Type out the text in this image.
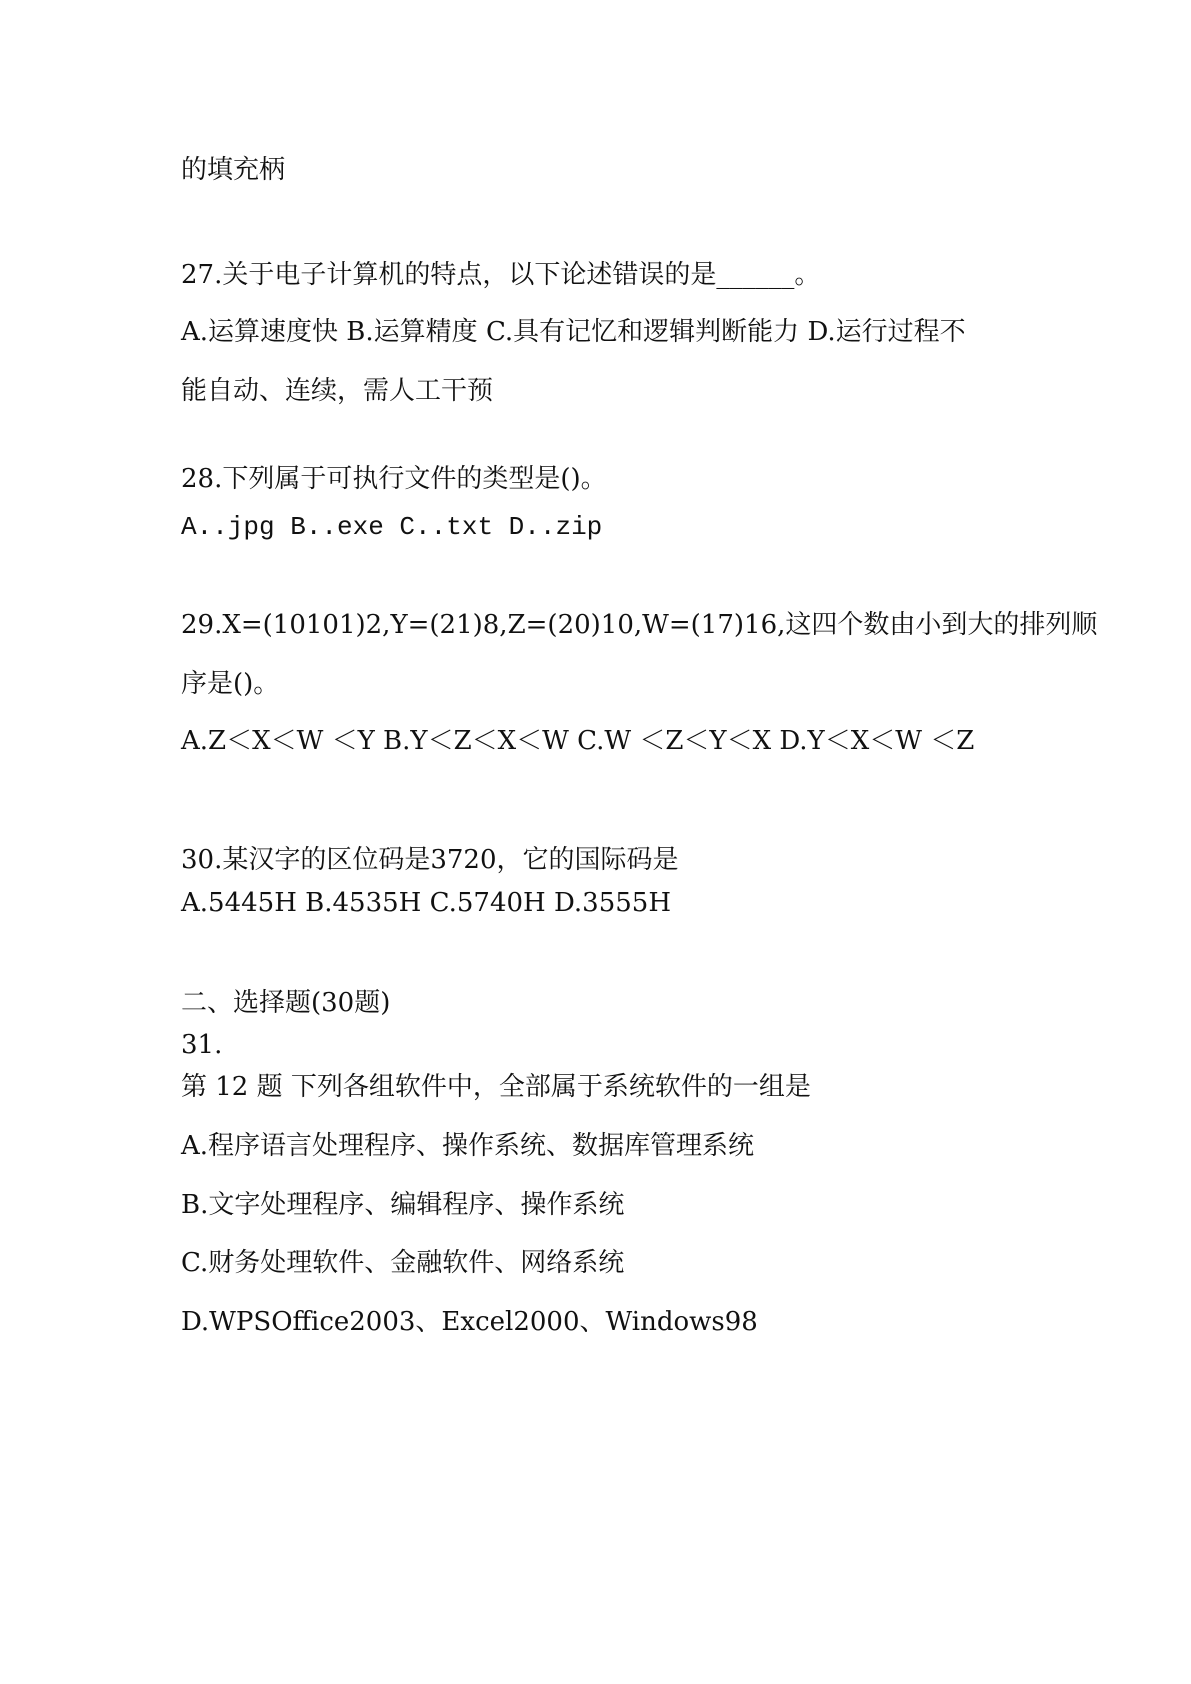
的填充柄
27.关于电子计算机的特点，以下论述错误的是______。
A.运算速度快 B.运算精度 C.具有记忆和逻辑判断能力 D.运行过程不
能自动、连续，需人工干预
28.下列属于可执行文件的类型是()。
A..jpg B..exe C..txt D..zip
29.X=(10101)2,Y=(21)8,Z=(20)10,W=(17)16,这四个数由小到大的排列顺
序是()。
A.Z＜X＜W ＜Y B.Y＜Z＜X＜W C.W ＜Z＜Y＜X D.Y＜X＜W ＜Z
30.某汉字的区位码是3720，它的国际码是
A.5445H B.4535H C.5740H D.3555H
二、选择题(30题)
31.
第 12 题 下列各组软件中，全部属于系统软件的一组是
A.程序语言处理程序、操作系统、数据库管理系统
B.文字处理程序、编辑程序、操作系统
C.财务处理软件、金融软件、网络系统
D.WPSOffice2003、Excel2000、Windows98
